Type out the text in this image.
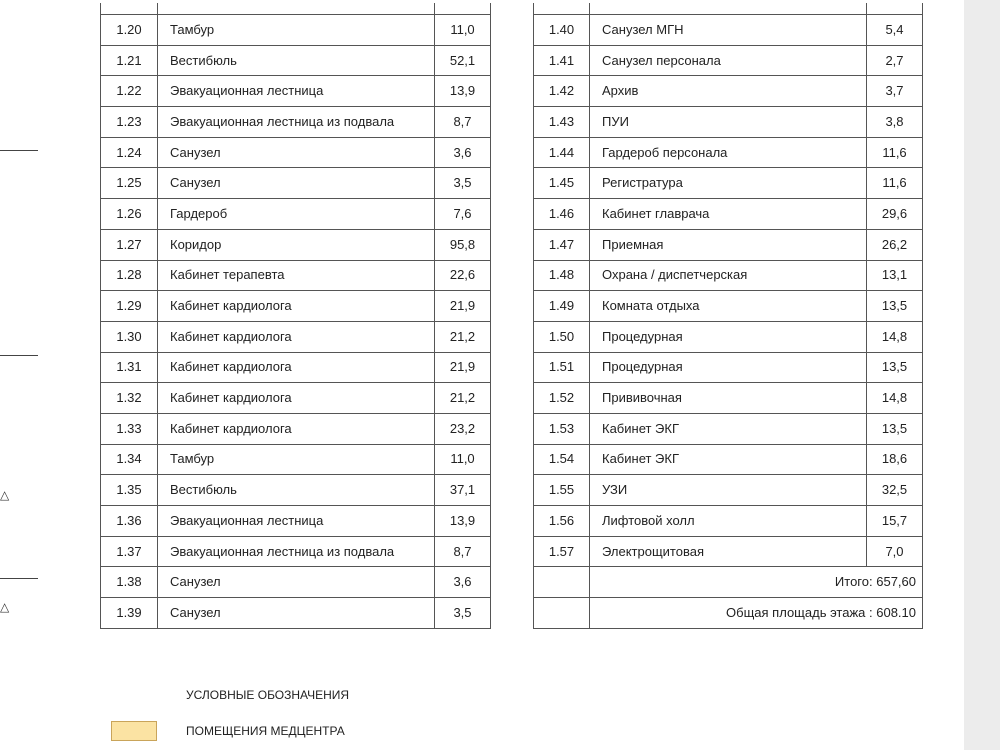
△
△

1.20	Тамбур	11,0
1.21	Вестибюль	52,1
1.22	Эвакуационная лестница	13,9
1.23	Эвакуационная лестница из подвала	8,7
1.24	Санузел	3,6
1.25	Санузел	3,5
1.26	Гардероб	7,6
1.27	Коридор	95,8
1.28	Кабинет терапевта	22,6
1.29	Кабинет кардиолога	21,9
1.30	Кабинет кардиолога	21,2
1.31	Кабинет кардиолога	21,9
1.32	Кабинет кардиолога	21,2
1.33	Кабинет кардиолога	23,2
1.34	Тамбур	11,0
1.35	Вестибюль	37,1
1.36	Эвакуационная лестница	13,9
1.37	Эвакуационная лестница из подвала	8,7
1.38	Санузел	3,6
1.39	Санузел	3,5

1.40	Санузел МГН	5,4
1.41	Санузел персонала	2,7
1.42	Архив	3,7
1.43	ПУИ	3,8
1.44	Гардероб персонала	11,6
1.45	Регистратура	11,6
1.46	Кабинет главрача	29,6
1.47	Приемная	26,2
1.48	Охрана / диспетчерская	13,1
1.49	Комната отдыха	13,5
1.50	Процедурная	14,8
1.51	Процедурная	13,5
1.52	Прививочная	14,8
1.53	Кабинет ЭКГ	13,5
1.54	Кабинет ЭКГ	18,6
1.55	УЗИ	32,5
1.56	Лифтовой холл	15,7
1.57	Электрощитовая	7,0
	Итого: 657,60	
	Общая площадь этажа : 608.10	
УСЛОВНЫЕ ОБОЗНАЧЕНИЯ
ПОМЕЩЕНИЯ МЕДЦЕНТРА
